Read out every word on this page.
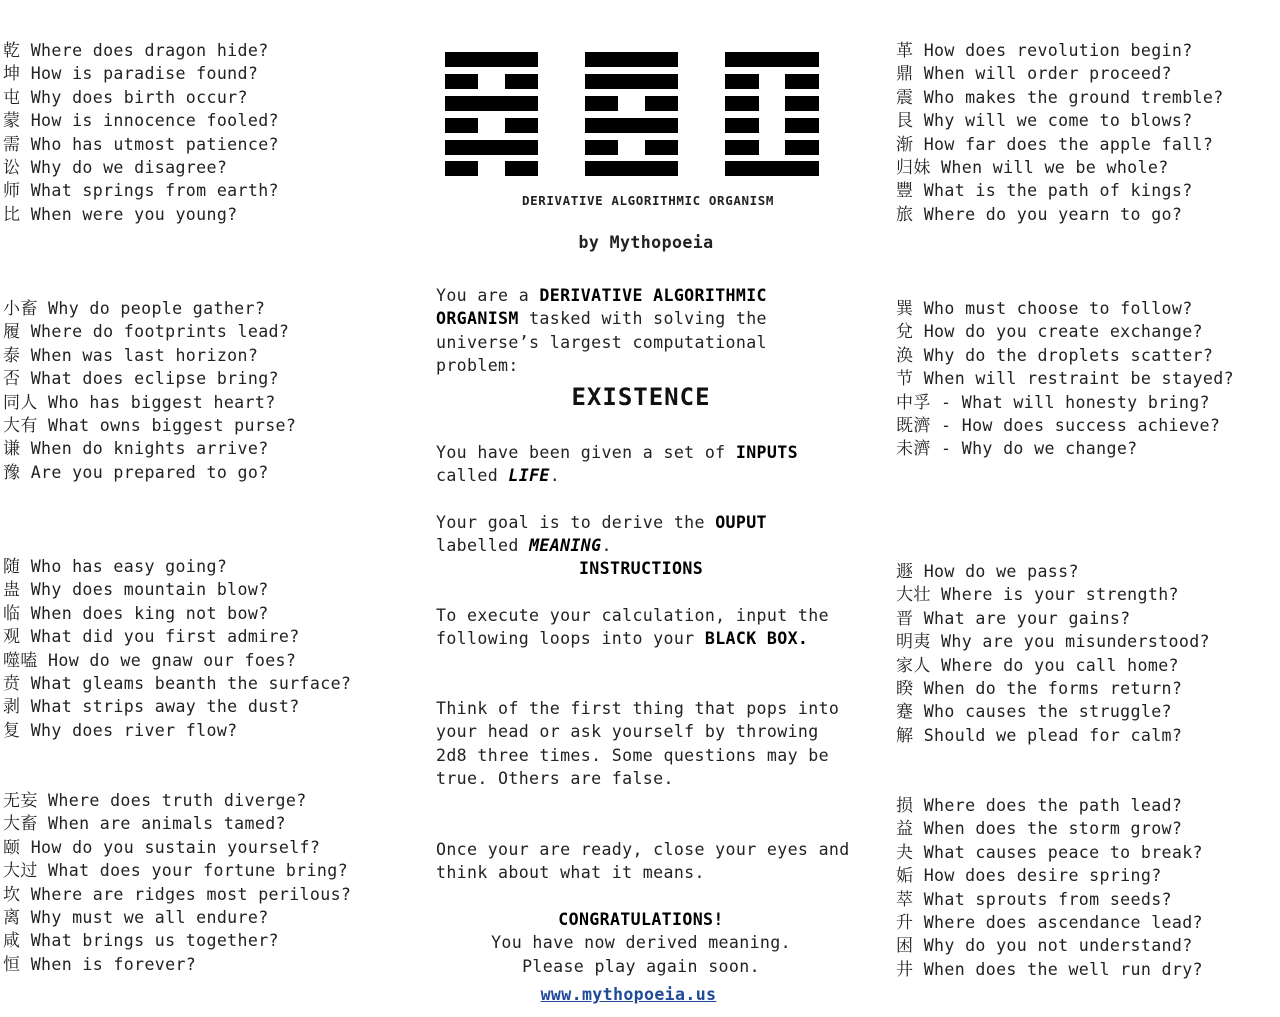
乾 Where does dragon hide?
坤 How is paradise found?
屯 Why does birth occur?
蒙 How is innocence fooled?
需 Who has utmost patience?
讼 Why do we disagree?
师 What springs from earth?
比 When were you young?
小畜 Why do people gather?
履 Where do footprints lead?
泰 When was last horizon?
否 What does eclipse bring?
同人 Who has biggest heart?
大有 What owns biggest purse?
谦 When do knights arrive?
豫 Are you prepared to go?
随 Who has easy going?
蛊 Why does mountain blow?
临 When does king not bow?
观 What did you first admire?
噬嗑 How do we gnaw our foes?
贲 What gleams beanth the surface?
剥 What strips away the dust?
复 Why does river flow?
无妄 Where does truth diverge?
大畜 When are animals tamed?
颐 How do you sustain yourself?
大过 What does your fortune bring?
坎 Where are ridges most perilous?
离 Why must we all endure?
咸 What brings us together?
恒 When is forever?
革 How does revolution begin?
鼎 When will order proceed?
震 Who makes the ground tremble?
艮 Why will we come to blows?
渐 How far does the apple fall?
归妹 When will we be whole?
豐 What is the path of kings?
旅 Where do you yearn to go?
巽 Who must choose to follow?
兌 How do you create exchange?
涣 Why do the droplets scatter?
节 When will restraint be stayed?
中孚 - What will honesty bring?
既濟 - How does success achieve?
未濟 - Why do we change?
遯 How do we pass?
大壮 Where is your strength?
晋 What are your gains?
明夷 Why are you misunderstood?
家人 Where do you call home?
睽 When do the forms return?
蹇 Who causes the struggle?
解 Should we plead for calm?
损 Where does the path lead?
益 When does the storm grow?
夬 What causes peace to break?
姤 How does desire spring?
萃 What sprouts from seeds?
升 Where does ascendance lead?
困 Why do you not understand?
井 When does the well run dry?
DERIVATIVE ALGORITHMIC ORGANISM
by Mythopoeia
You are a DERIVATIVE ALGORITHMIC ORGANISM tasked with solving the universe’s largest computational problem:
EXISTENCE
You have been given a set of INPUTS called LIFE.
Your goal is to derive the OUPUT labelled MEANING.
INSTRUCTIONS
To execute your calculation, input the following loops into your BLACK BOX.
Think of the first thing that pops into your head or ask yourself by throwing 2d8 three times. Some questions may be true. Others are false.
Once your are ready, close your eyes and think about what it means.
CONGRATULATIONS!
You have now derived meaning.
Please play again soon.
www.mythopoeia.us
